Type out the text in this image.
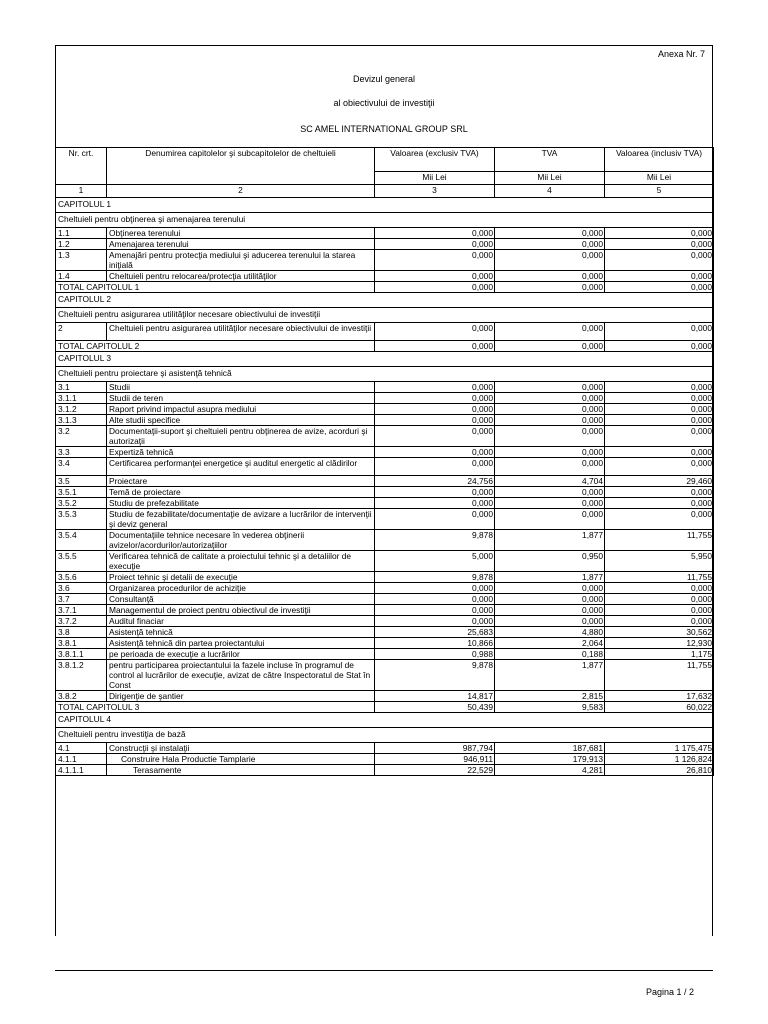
Anexa Nr. 7
Devizul general
al obiectivului de investiţii
SC AMEL INTERNATIONAL GROUP SRL
Nr. crt.	Denumirea capitolelor şi subcapitolelor de cheltuieli	Valoarea (exclusiv TVA)	TVA	Valoarea (inclusiv TVA)
		Mii Lei	Mii Lei	Mii Lei
1	2	3	4	5
CAPITOLUL 1				
Cheltuieli pentru obţinerea şi amenajarea terenului				
1.1	Obţinerea terenului	0,000	0,000	0,000
1.2	Amenajarea terenului	0,000	0,000	0,000
1.3	Amenajări pentru protecţia mediului şi aducerea terenului la starea iniţială	0,000	0,000	0,000
1.4	Cheltuieli pentru relocarea/protecţia utilităţilor	0,000	0,000	0,000
TOTAL CAPITOLUL 1		0,000	0,000	0,000
CAPITOLUL 2				
Cheltuieli pentru asigurarea utilităţilor necesare obiectivului de investiţii				
2	Cheltuieli pentru asigurarea utilităţilor necesare obiectivului de investiţii	0,000	0,000	0,000
TOTAL CAPITOLUL 2		0,000	0,000	0,000
CAPITOLUL 3				
Cheltuieli pentru proiectare şi asistenţă tehnică				
3.1	Studii	0,000	0,000	0,000
3.1.1	Studii de teren	0,000	0,000	0,000
3.1.2	Raport privind impactul asupra mediului	0,000	0,000	0,000
3.1.3	Alte studii specifice	0,000	0,000	0,000
3.2	Documentaţii-suport şi cheltuieli pentru obţinerea de avize, acorduri şi autorizaţii	0,000	0,000	0,000
3.3	Expertiză tehnică	0,000	0,000	0,000
3.4	Certificarea performanţei energetice şi auditul energetic al clădirilor	0,000	0,000	0,000
3.5	Proiectare	24,756	4,704	29,460
3.5.1	Temă de proiectare	0,000	0,000	0,000
3.5.2	Studiu de prefezabilitate	0,000	0,000	0,000
3.5.3	Studiu de fezabilitate/documentaţie de avizare a lucrărilor de intervenţii şi deviz general	0,000	0,000	0,000
3.5.4	Documentaţiile tehnice necesare în vederea obţinerii avizelor/acordurilor/autorizaţiilor	9,878	1,877	11,755
3.5.5	Verificarea tehnică de calitate a proiectului tehnic şi a detaliilor de execuţie	5,000	0,950	5,950
3.5.6	Proiect tehnic şi detalii de execuţie	9,878	1,877	11,755
3.6	Organizarea procedurilor de achiziţie	0,000	0,000	0,000
3.7	Consultanţă	0,000	0,000	0,000
3.7.1	Managementul de proiect pentru obiectivul de investiţii	0,000	0,000	0,000
3.7.2	Auditul finaciar	0,000	0,000	0,000
3.8	Asistenţă tehnică	25,683	4,880	30,562
3.8.1	Asistenţă tehnică din partea proiectantului	10,866	2,064	12,930
3.8.1.1	pe perioada de execuţie a lucrărilor	0,988	0,188	1,175
3.8.1.2	pentru participarea proiectantului la fazele incluse în programul de control al lucrărilor de execuţie, avizat de către Inspectoratul de Stat în Const	9,878	1,877	11,755
3.8.2	Dirigenţie de şantier	14,817	2,815	17,632
TOTAL CAPITOLUL 3		50,439	9,583	60,022
CAPITOLUL 4				
Cheltuieli pentru investiţia de bază				
4.1	Construcţii şi instalaţii	987,794	187,681	1 175,475
4.1.1	Construire Hala Productie Tamplarie	946,911	179,913	1 126,824
4.1.1.1	Terasamente	22,529	4,281	26,810
Pagina 1 / 2
